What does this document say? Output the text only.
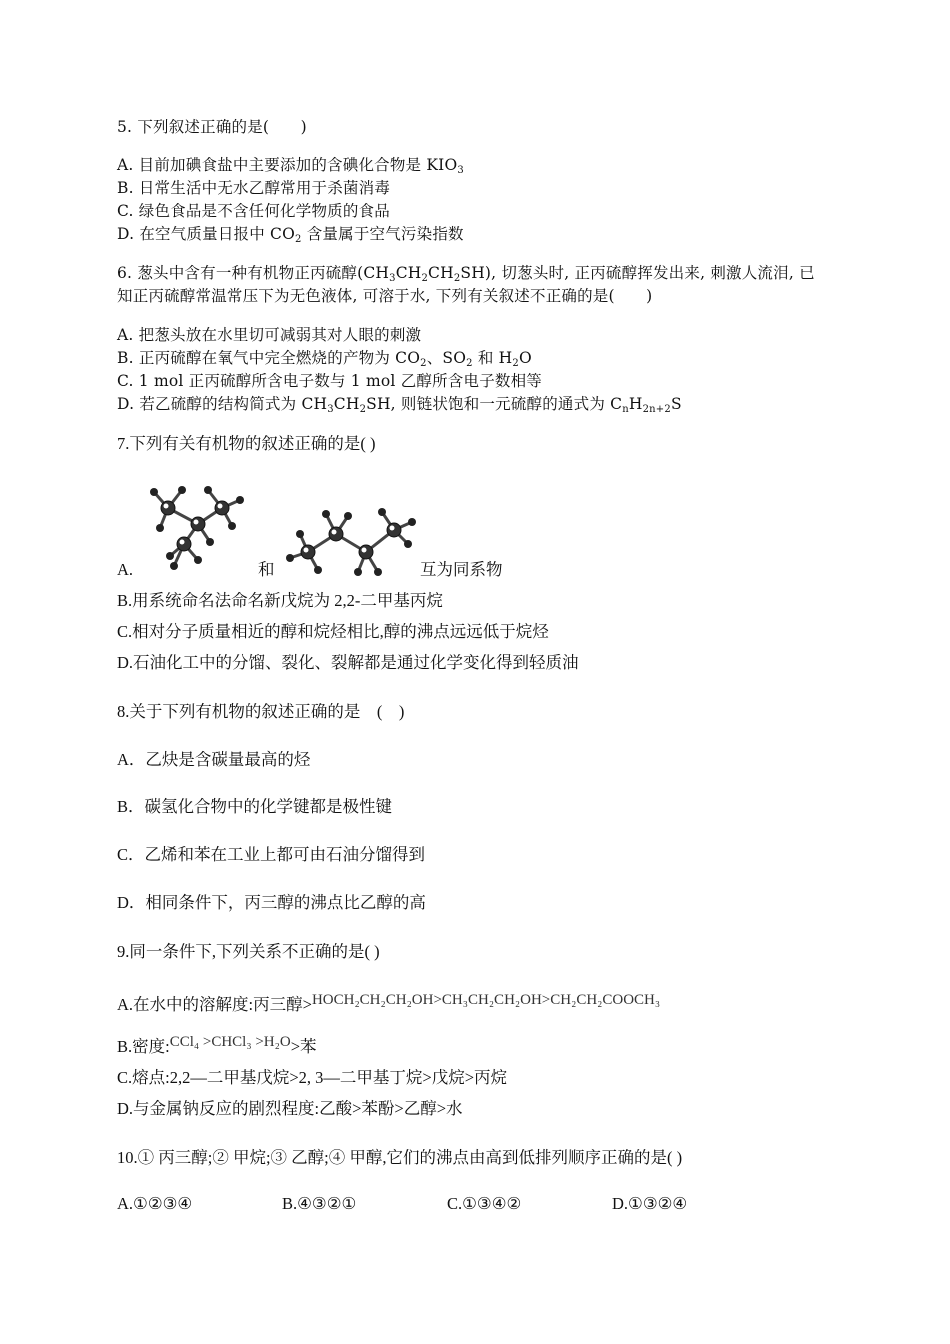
5. 下列叙述正确的是(　　)
A. 目前加碘食盐中主要添加的含碘化合物是 $KIO_3$
B. 日常生活中无水乙醇常用于杀菌消毒
C. 绿色食品是不含任何化学物质的食品
D. 在空气质量日报中 $CO_2$ 含量属于空气污染指数
6. 葱头中含有一种有机物正丙硫醇$(CH_3CH_2CH_2SH)$, 切葱头时, 正丙硫醇挥发出来, 刺激人流泪, 已
知正丙硫醇常温常压下为无色液体, 可溶于水, 下列有关叙述不正确的是(　　)
A. 把葱头放在水里切可减弱其对人眼的刺激
B. 正丙硫醇在氧气中完全燃烧的产物为 $CO_2$、$SO_2$ 和 $H_2O$
C. 1 mol 正丙硫醇所含电子数与 1 mol 乙醇所含电子数相等
D. 若乙硫醇的结构简式为 $CH_3CH_2SH$, 则链状饱和一元硫醇的通式为 $C_nH_{2n+2}S$
7.下列有关有机物的叙述正确的是( )
A.	和	互为同系物
B.用系统命名法命名新戊烷为 2,2-二甲基丙烷
C.相对分子质量相近的醇和烷烃相比,醇的沸点远远低于烷烃
D.石油化工中的分馏、裂化、裂解都是通过化学变化得到轻质油
8.关于下列有机物的叙述正确的是　(　)
A．乙炔是含碳量最高的烃
B．碳氢化合物中的化学键都是极性键
C．乙烯和苯在工业上都可由石油分馏得到
D．相同条件下，丙三醇的沸点比乙醇的高
9.同一条件下,下列关系不正确的是( )
A.在水中的溶解度:丙三醇>HOCH₂CH₂CH₂OH>CH₃CH₂CH₂OH>CH₂CH₂COOCH₃
B.密度:CCl₄ >CHCl₃ >H₂O>苯
C.熔点:2,2—二甲基戊烷>2, 3—二甲基丁烷>戊烷>丙烷
D.与金属钠反应的剧烈程度:乙酸>苯酚>乙醇>水
10.① 丙三醇;② 甲烷;③ 乙醇;④ 甲醇,它们的沸点由高到低排列顺序正确的是( )
A.①②③④	B.④③②①	C.①③④②	D.①③②④
